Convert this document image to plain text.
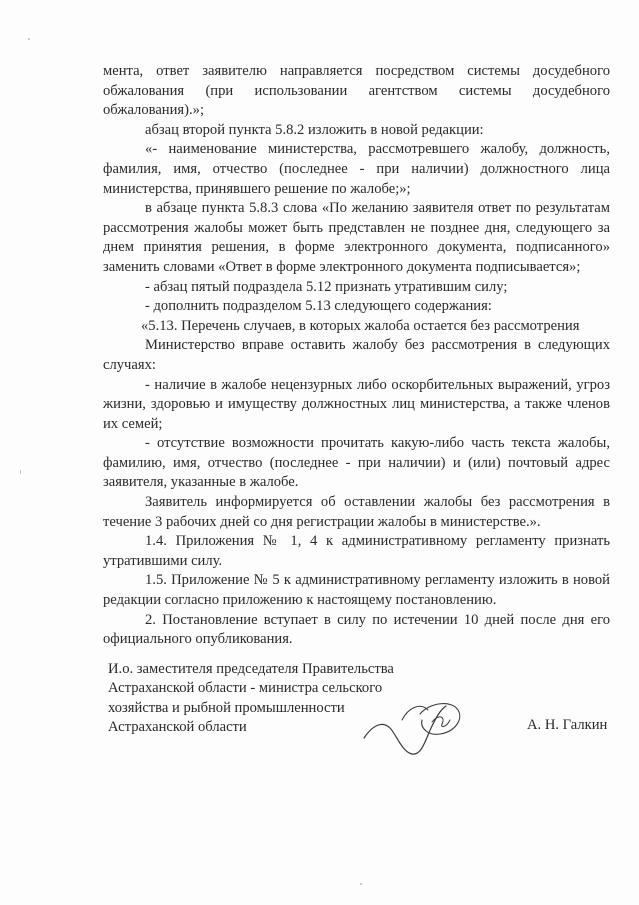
мента, ответ заявителю направляется посредством системы досудебного обжалования (при использовании агентством системы досудебного обжалования).»;

абзац второй пункта 5.8.2 изложить в новой редакции:

«- наименование министерства, рассмотревшего жалобу, должность, фамилия, имя, отчество (последнее - при наличии) должностного лица министерства, принявшего решение по жалобе;»;

в абзаце пункта 5.8.3 слова «По желанию заявителя ответ по результатам рассмотрения жалобы может быть представлен не позднее дня, следующего за днем принятия решения, в форме электронного документа, подписанного» заменить словами «Ответ в форме электронного документа подписывается»;

- абзац пятый подраздела 5.12 признать утратившим силу;

- дополнить подразделом 5.13 следующего содержания:

«5.13. Перечень случаев, в которых жалоба остается без рассмотрения

Министерство вправе оставить жалобу без рассмотрения в следующих случаях:

- наличие в жалобе нецензурных либо оскорбительных выражений, угроз жизни, здоровью и имуществу должностных лиц министерства, а также членов их семей;

- отсутствие возможности прочитать какую-либо часть текста жалобы, фамилию, имя, отчество (последнее - при наличии) и (или) почтовый адрес заявителя, указанные в жалобе.

Заявитель информируется об оставлении жалобы без рассмотрения в течение 3 рабочих дней со дня регистрации жалобы в министерстве.».

1.4. Приложения № 1, 4 к административному регламенту признать утратившими силу.

1.5. Приложение № 5 к административному регламенту изложить в новой редакции согласно приложению к настоящему постановлению.

2. Постановление вступает в силу по истечении 10 дней после дня его официального опубликования.

И.о. заместителя председателя Правительства
Астраханской области - министра сельского
хозяйства и рыбной промышленности
Астраханской области	А. Н. Галкин
